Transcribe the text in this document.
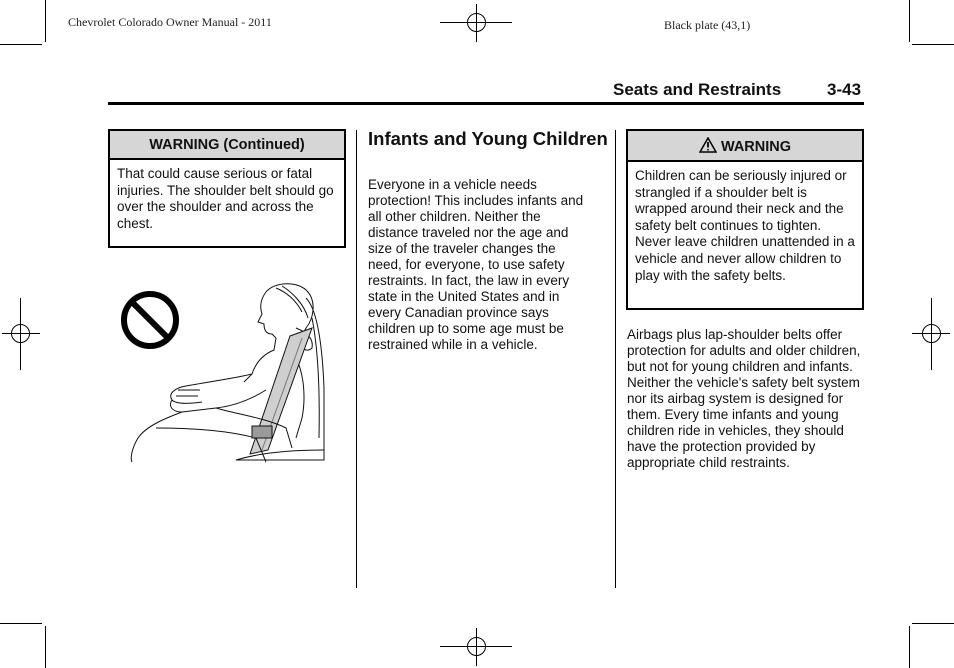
Chevrolet Colorado Owner Manual - 2011	Black plate (43,1)
Seats and Restraints	3-43
WARNING (Continued)
That could cause serious or fatal injuries. The shoulder belt should go over the shoulder and across the chest.
Infants and Young Children
Everyone in a vehicle needs protection! This includes infants and all other children. Neither the distance traveled nor the age and size of the traveler changes the need, for everyone, to use safety restraints. In fact, the law in every state in the United States and in every Canadian province says children up to some age must be restrained while in a vehicle.
WARNING
Children can be seriously injured or strangled if a shoulder belt is wrapped around their neck and the safety belt continues to tighten. Never leave children unattended in a vehicle and never allow children to play with the safety belts.
Airbags plus lap-shoulder belts offer protection for adults and older children, but not for young children and infants. Neither the vehicle's safety belt system nor its airbag system is designed for them. Every time infants and young children ride in vehicles, they should have the protection provided by appropriate child restraints.
